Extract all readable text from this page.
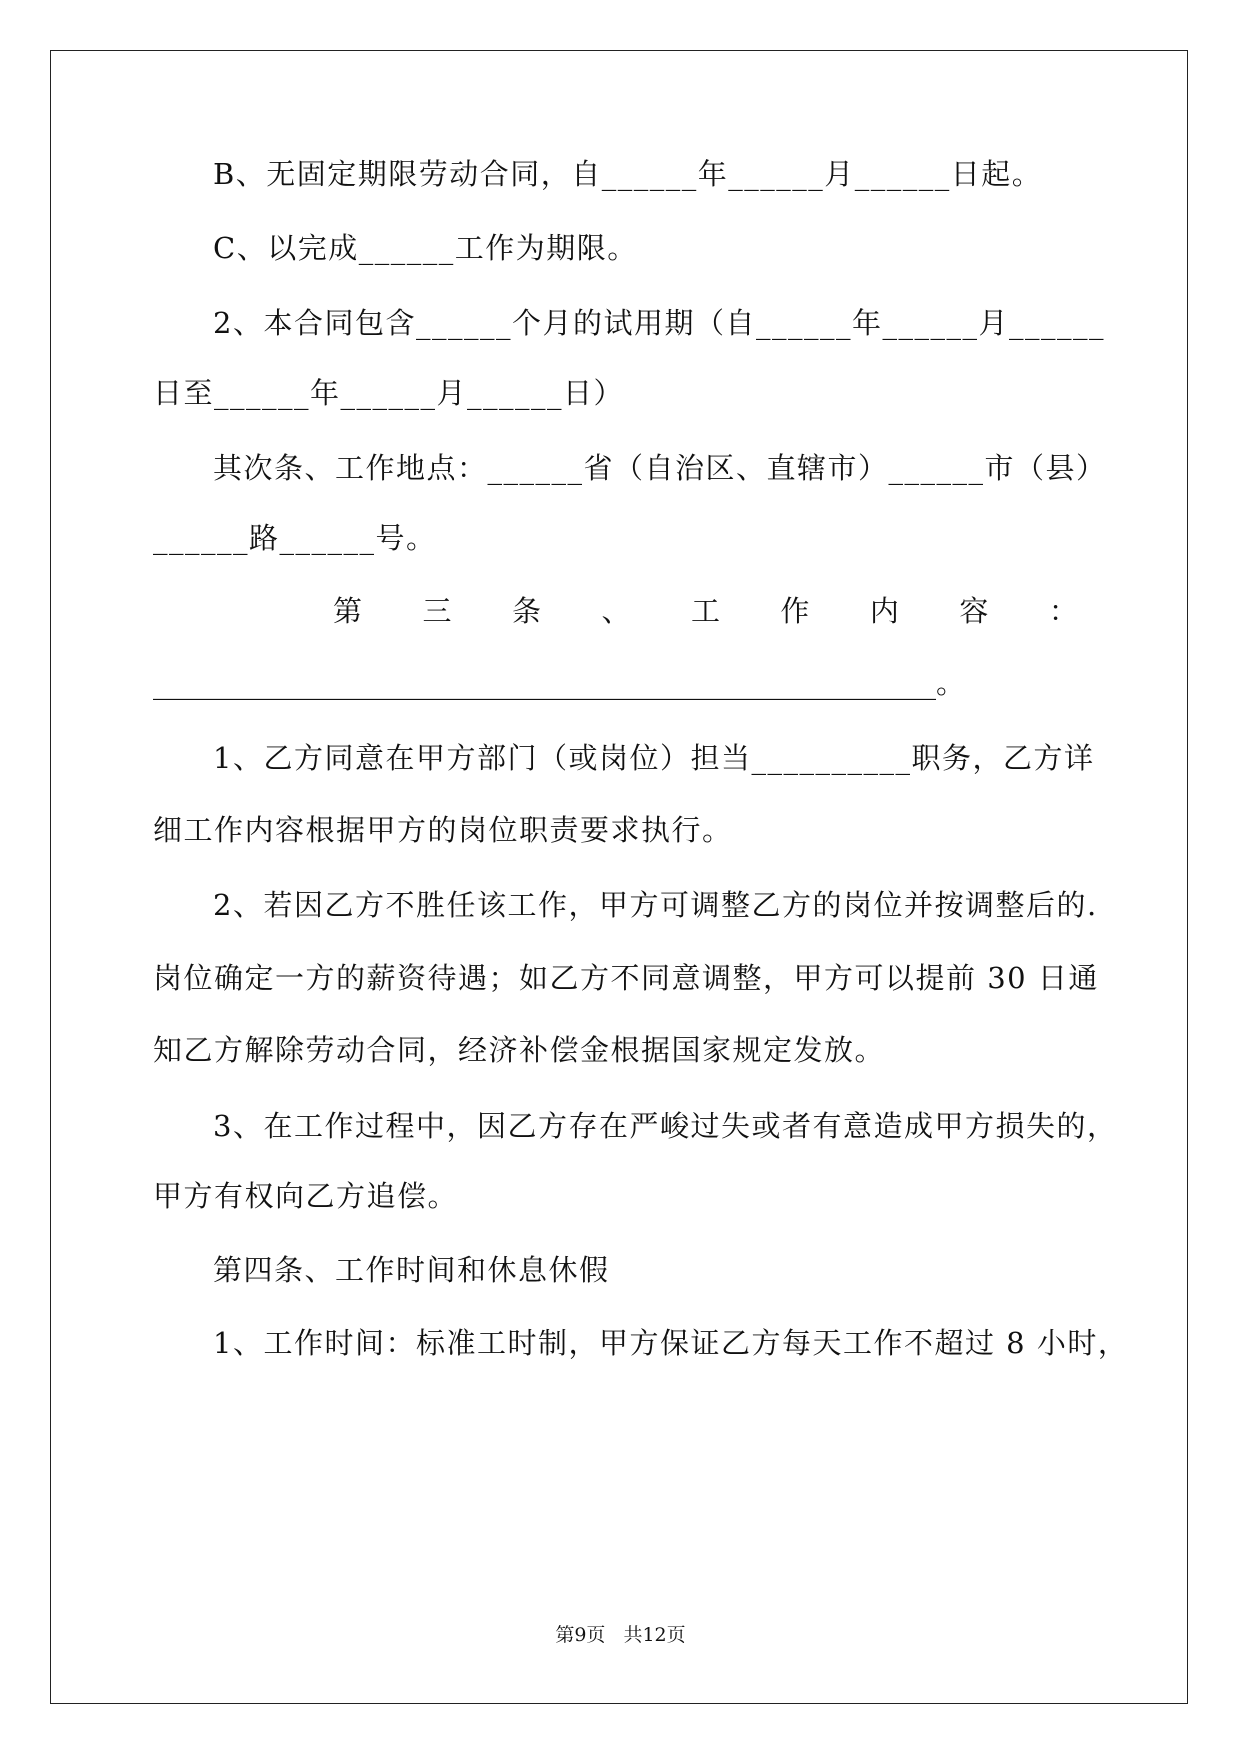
B、无固定期限劳动合同，自______年______月______日起。
C、以完成______工作为期限。
2、本合同包含______个月的试用期（自______年______月______
日至______年______月______日）
其次条、工作地点：______省（自治区、直辖市）______市（县）
______路______号。
第 三 条 、 工 作 内 容 ：
______________________________________________________。
1、乙方同意在甲方部门（或岗位）担当__________职务，乙方详
细工作内容根据甲方的岗位职责要求执行。
2、若因乙方不胜任该工作，甲方可调整乙方的岗位并按调整后的.
岗位确定一方的薪资待遇；如乙方不同意调整，甲方可以提前 30 日通
知乙方解除劳动合同，经济补偿金根据国家规定发放。
3、在工作过程中，因乙方存在严峻过失或者有意造成甲方损失的，
甲方有权向乙方追偿。
第四条、工作时间和休息休假
1、工作时间：标准工时制，甲方保证乙方每天工作不超过 8 小时，
第9页 共12页
